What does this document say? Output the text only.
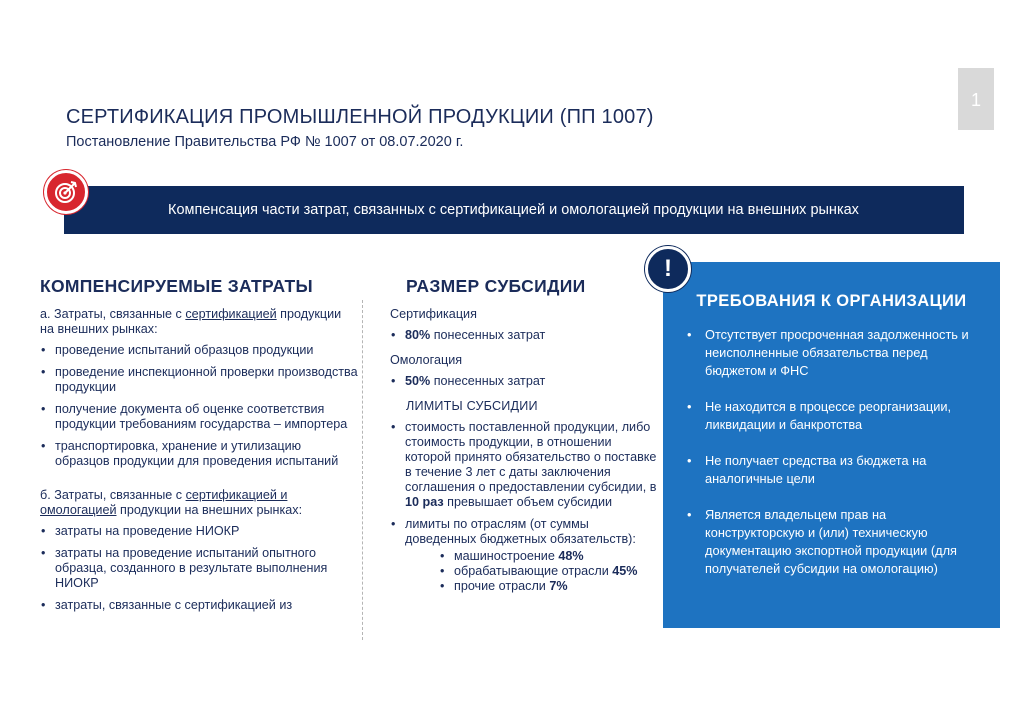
1
СЕРТИФИКАЦИЯ ПРОМЫШЛЕННОЙ ПРОДУКЦИИ (ПП 1007)
Постановление Правительства РФ № 1007 от 08.07.2020 г.
Компенсация части затрат, связанных с сертификацией и омологацией продукции на внешних рынках
КОМПЕНСИРУЕМЫЕ ЗАТРАТЫ	РАЗМЕР СУБСИДИИ
а. Затраты, связанные с сертификацией продукции на внешних рынках:
• проведение испытаний образцов продукции
• проведение инспекционной проверки производства продукции
• получение документа об оценке соответствия продукции требованиям государства – импортера
• транспортировка, хранение и утилизацию образцов продукции для проведения испытаний
б. Затраты, связанные с сертификацией и
омологацией продукции на внешних рынках:
• затраты на проведение НИОКР
• затраты на проведение испытаний опытного образца, созданного в результате выполнения НИОКР
• затраты, связанные с сертификацией из
Сертификация
• 80% понесенных затрат
Омологация
• 50% понесенных затрат
ЛИМИТЫ СУБСИДИИ
• стоимость поставленной продукции, либо стоимость продукции, в отношении которой принято обязательство о поставке в течение 3 лет с даты заключения соглашения о предоставлении субсидии, в 10 раз превышает объем субсидии
• лимиты по отраслям (от суммы доведенных бюджетных обязательств):
• машиностроение 48%
• обрабатывающие отрасли 45%
• прочие отрасли 7%
ТРЕБОВАНИЯ К ОРГАНИЗАЦИИ
• Отсутствует просроченная задолженность и неисполненные обязательства перед бюджетом и ФНС
• Не находится в процессе реорганизации, ликвидации и банкротства
• Не получает средства из бюджета на аналогичные цели
• Является владельцем прав на конструкторскую и (или) техническую документацию экспортной продукции (для получателей субсидии на омологацию)
!
